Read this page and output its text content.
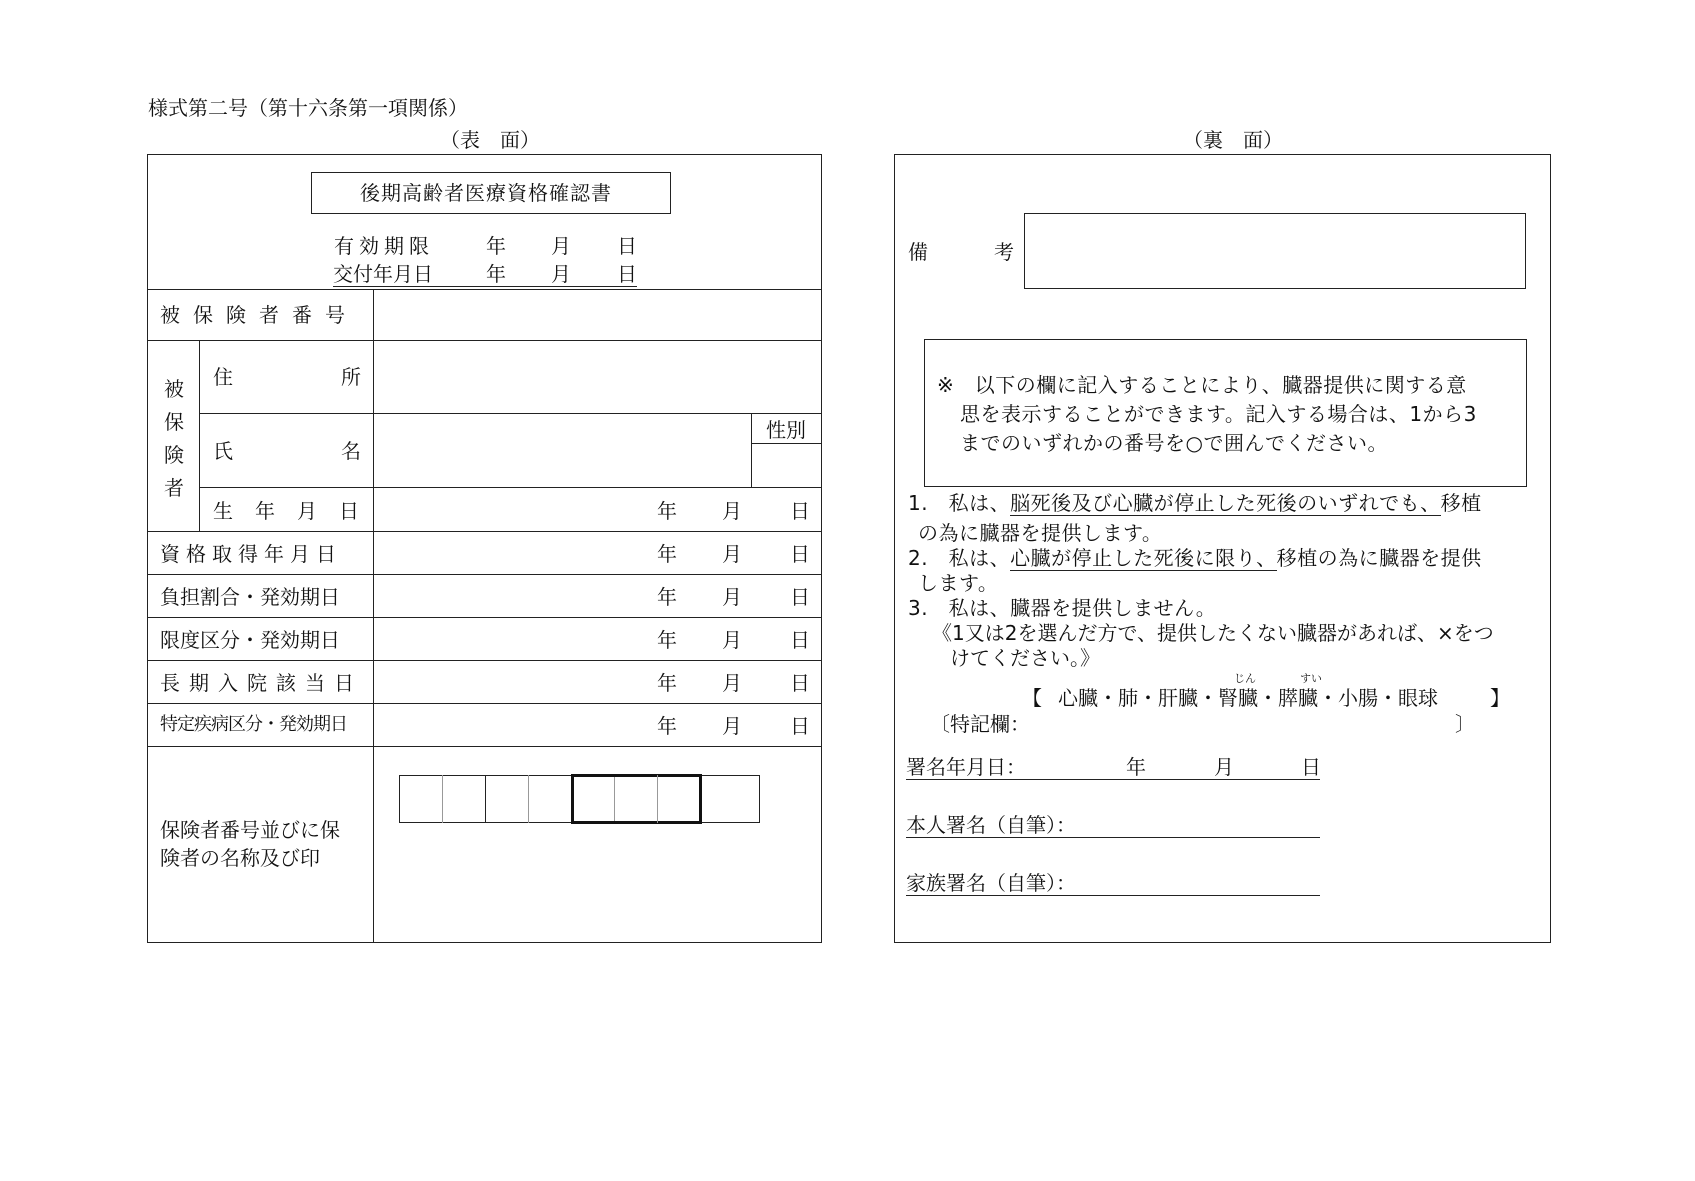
様式第二号（第十六条第一項関係）
（表　面）	（裏　面）
後期高齢者医療資格確認書
有効期限	年 月 日
交付年月日	年 月 日
被保険者番号
被保険者
住	所
氏	名
性別
生年月日	年 月 日
資格取得年月日	年 月 日
負担割合・発効期日	年 月 日
限度区分・発効期日	年 月 日
長期入院該当日	年 月 日
特定疾病区分・発効期日	年 月 日
保険者番号並びに保
険者の名称及び印
備	考
※　以下の欄に記入することにより、臓器提供に関する意
思を表示することができます。記入する場合は、1から3
までのいずれかの番号を○で囲んでください。
1.　私は、脳死後及び心臓が停止した死後のいずれでも、移植
の為に臓器を提供します。
2.　私は、心臓が停止した死後に限り、移植の為に臓器を提供
します。
3.　私は、臓器を提供しません。
《1又は2を選んだ方で、提供したくない臓器があれば、×をつ
けてください。》
【 心臓・肺・肝臓・腎臓・膵臓・小腸・眼球
じん	すい
】
〔特記欄：	〕
署名年月日：	年	月	日
本人署名（自筆）：
家族署名（自筆）：
